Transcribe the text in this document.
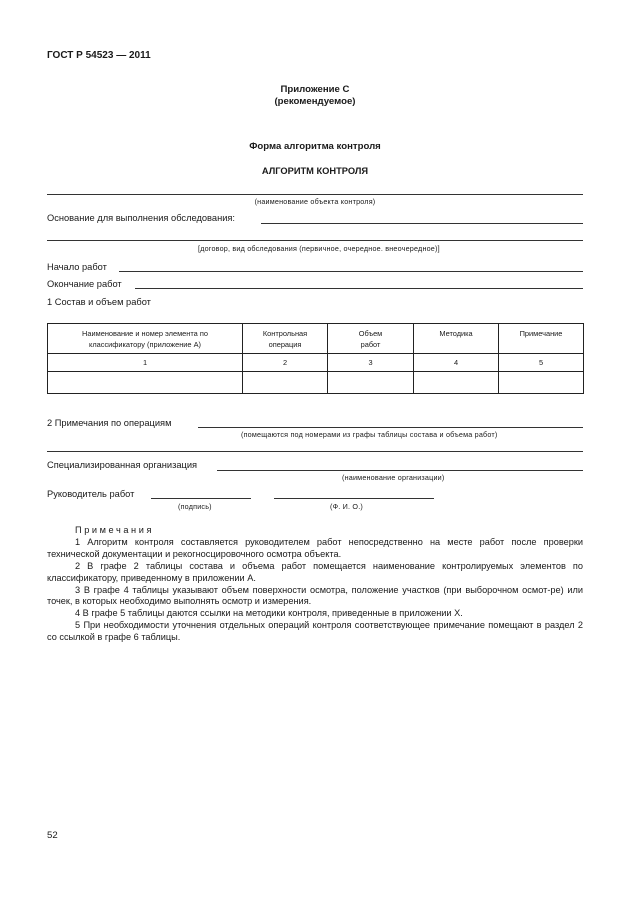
ГОСТ Р 54523 — 2011
Приложение С
(рекомендуемое)
Форма алгоритма контроля
АЛГОРИТМ КОНТРОЛЯ
(наименование объекта контроля)
Основание для выполнения обследования:
[договор, вид обследования (первичное, очередное. внеочередное)]
Начало работ
Окончание работ
1 Состав и объем работ
Наименование и номер элемента по классификатору (приложение А)	Контрольная операция	Объем работ	Методика	Примечание
1	2	3	4	5

2 Примечания по операциям
(помещаются под номерами из графы таблицы состава и объема работ)
Специализированная организация
(наименование организации)
Руководитель работ
(подпись)	(Ф. И. О.)

Примечания

1 Алгоритм контроля составляется руководителем работ непосредственно на месте работ после проверки технической документации и рекогносцировочного осмотра объекта.

2 В графе 2 таблицы состава и объема работ помещается наименование контролируемых элементов по классификатору, приведенному в приложении А.

3 В графе 4 таблицы указывают объем поверхности осмотра, положение участков (при выборочном осмот-ре) или точек, в которых необходимо выполнять осмотр и измерения.

4 В графе 5 таблицы даются ссылки на методики контроля, приведенные в приложении X.

5 При необходимости уточнения отдельных операций контроля соответствующее примечание помещают в раздел 2 со ссылкой в графе 6 таблицы.

52
